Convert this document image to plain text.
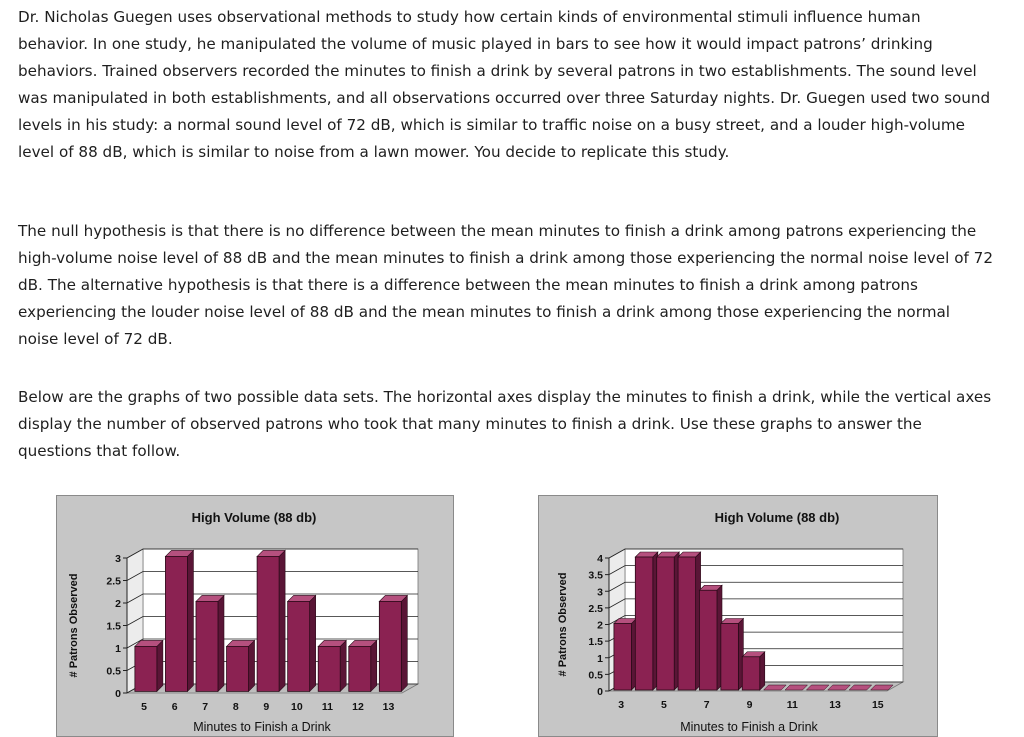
Dr. Nicholas Guegen uses observational methods to study how certain kinds of environmental stimuli influence human behavior. In one study, he manipulated the volume of music played in bars to see how it would impact patrons’ drinking behaviors. Trained observers recorded the minutes to finish a drink by several patrons in two establishments. The sound level was manipulated in both establishments, and all observations occurred over three Saturday nights. Dr. Guegen used two sound levels in his study: a normal sound level of 72 dB, which is similar to traffic noise on a busy street, and a louder high-volume level of 88 dB, which is similar to noise from a lawn mower. You decide to replicate this study.

The null hypothesis is that there is no difference between the mean minutes to finish a drink among patrons experiencing the high-volume noise level of 88 dB and the mean minutes to finish a drink among those experiencing the normal noise level of 72 dB. The alternative hypothesis is that there is a difference between the mean minutes to finish a drink among patrons experiencing the louder noise level of 88 dB and the mean minutes to finish a drink among those experiencing the normal noise level of 72 dB.

Below are the graphs of two possible data sets. The horizontal axes display the minutes to finish a drink, while the vertical axes display the number of observed patrons who took that many minutes to finish a drink. Use these graphs to answer the questions that follow.

0
0.5
1
1.5
2
2.5
3
5 6 7 8 9 10 11 12 13
High Volume (88 db)
Minutes to Finish a Drink
# Patrons Observed
0
0.5
1
1.5
2
2.5
3
3.5
4
3	5	7	9	11	13	15
High Volume (88 db)
Minutes to Finish a Drink
# Patrons Observed
